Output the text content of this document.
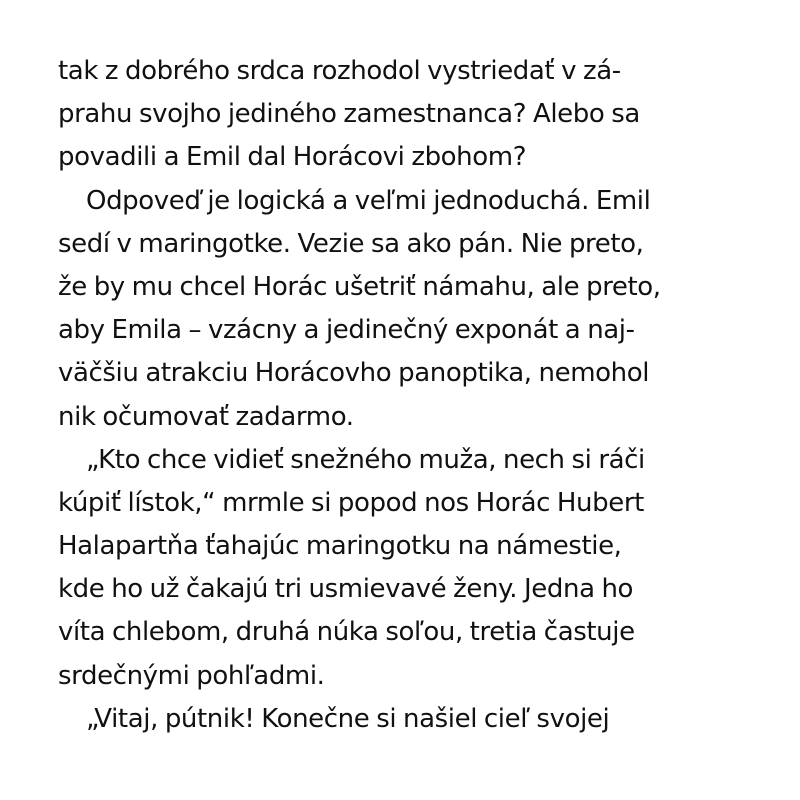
tak z dobrého srdca rozhodol vystriedať v zá-
prahu svojho jediného zamestnanca? Alebo sa
povadili a Emil dal Horácovi zbohom?
Odpoveď je logická a veľmi jednoduchá. Emil
sedí v maringotke. Vezie sa ako pán. Nie preto,
že by mu chcel Horác ušetriť námahu, ale preto,
aby Emila – vzácny a jedinečný exponát a naj-
väčšiu atrakciu Horácovho panoptika, nemohol
nik očumovať zadarmo.
„Kto chce vidieť snežného muža, nech si ráči
kúpiť lístok,“ mrmle si popod nos Horác Hubert
Halapartňa ťahajúc maringotku na námestie,
kde ho už čakajú tri usmievavé ženy. Jedna ho
víta chlebom, druhá núka soľou, tretia častuje
srdečnými pohľadmi.
„Vitaj, pútnik! Konečne si našiel cieľ svojej
